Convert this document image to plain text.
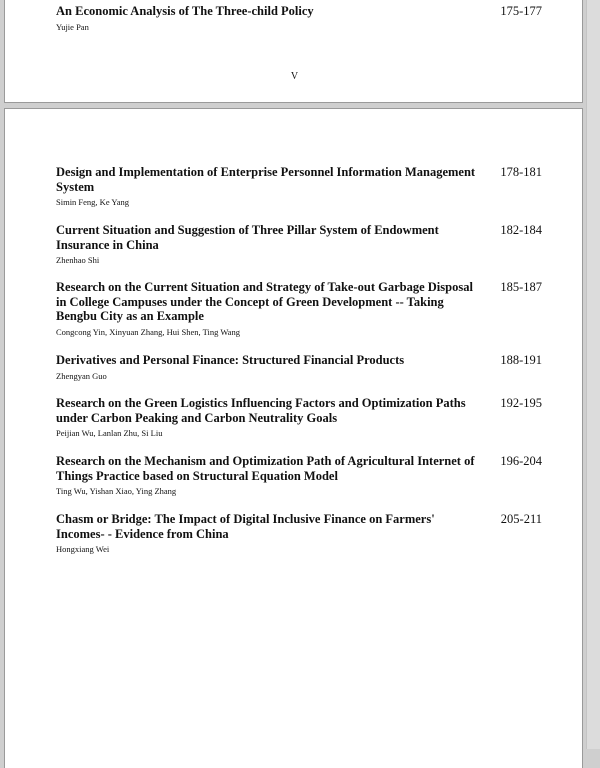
An Economic Analysis of The Three-child Policy
Yujie Pan
175-177
V
Design and Implementation of Enterprise Personnel Information Management System
Simin Feng, Ke Yang
178-181
Current Situation and Suggestion of Three Pillar System of Endowment Insurance in China
Zhenhao Shi
182-184
Research on the Current Situation and Strategy of Take-out Garbage Disposal in College Campuses under the Concept of Green Development -- Taking Bengbu City as an Example
Congcong Yin, Xinyuan Zhang, Hui Shen, Ting Wang
185-187
Derivatives and Personal Finance: Structured Financial Products
Zhengyan Guo
188-191
Research on the Green Logistics Influencing Factors and Optimization Paths under Carbon Peaking and Carbon Neutrality Goals
Peijian Wu, Lanlan Zhu, Si Liu
192-195
Research on the Mechanism and Optimization Path of Agricultural Internet of Things Practice based on Structural Equation Model
Ting Wu, Yishan Xiao, Ying Zhang
196-204
Chasm or Bridge: The Impact of Digital Inclusive Finance on Farmers' Incomes- - Evidence from China
Hongxiang Wei
205-211
